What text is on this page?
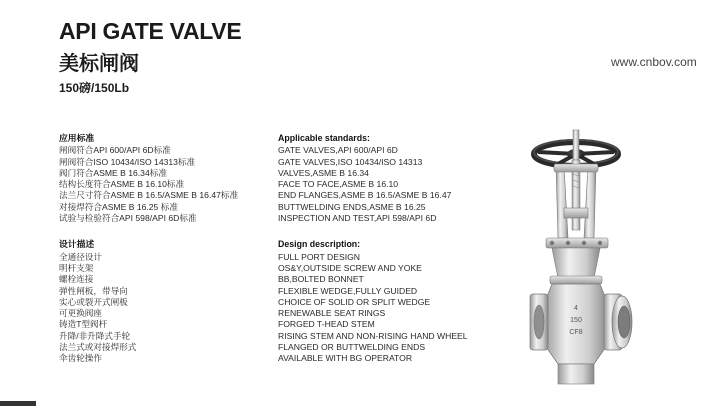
API GATE VALVE
美标闸阀
150磅/150Lb
www.cnbov.com
应用标准
闸阀符合API 600/API 6D标准
闸阀符合ISO 10434/ISO 14313标准
阀门符合ASME B 16.34标准
结构长度符合ASME B 16.10标准
法兰尺寸符合ASME B 16.5/ASME B 16.47标准
对接焊符合ASME B 16.25 标准
试验与检验符合API 598/API 6D标准
设计描述
全通径设计
明杆支架
螺栓连接
弹性闸板，带导向
实心或裂开式闸板
可更换阀座
铸造T型阀杆
升降/非升降式手轮
法兰式或对接焊形式
伞齿轮操作
Applicable standards:
GATE VALVES,API 600/API 6D
GATE VALVES,ISO 10434/ISO 14313
VALVES,ASME B 16.34
FACE TO FACE,ASME B 16.10
END FLANGES,ASME B 16.5/ASME B 16.47
BUTTWELDING ENDS,ASME B 16.25
INSPECTION AND TEST,API 598/API 6D
Design description:
FULL PORT DESIGN
OS&Y,OUTSIDE SCREW AND YOKE
BB,BOLTED BONNET
FLEXIBLE WEDGE,FULLY GUIDED
CHOICE OF SOLID OR SPLIT WEDGE
RENEWABLE SEAT RINGS
FORGED T-HEAD STEM
RISING STEM AND NON-RISING HAND WHEEL
FLANGED OR BUTTWELDING ENDS
AVAILABLE WITH BG OPERATOR
4
150
CF8
